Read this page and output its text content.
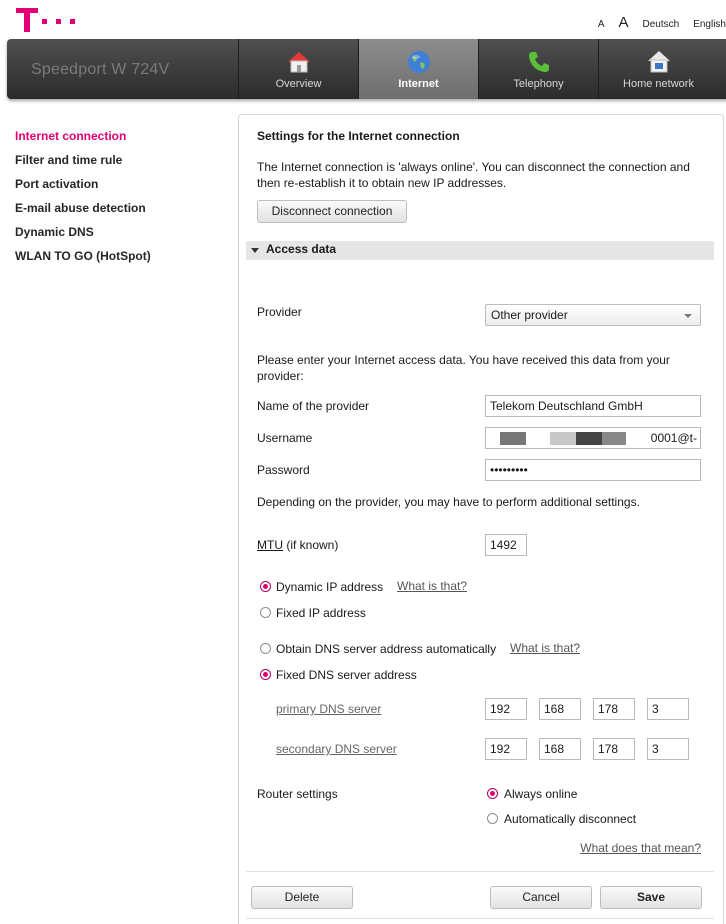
A A Deutsch English
Speedport W 724V
Overview	Internet	Telephony	Home network
Internet connection
Filter and time rule
Port activation
E-mail abuse detection
Dynamic DNS
WLAN TO GO (HotSpot)
Settings for the Internet connection
The Internet connection is 'always online'. You can disconnect the connection and then re-establish it to obtain new IP addresses.
Disconnect connection
Access data
Provider	Other provider
Please enter your Internet access data. You have received this data from your provider:
Name of the provider	Telekom Deutschland GmbH
Username	0001@t-
Password	•••••••••
Depending on the provider, you may have to perform additional settings.
MTU (if known)	1492
Dynamic IP address What is that?
Fixed IP address
Obtain DNS server address automatically What is that?
Fixed DNS server address
primary DNS server	192	168	178	3
secondary DNS server	192	168	178	3
Router settings	Always online
Automatically disconnect
What does that mean?
Delete	Cancel	Save
